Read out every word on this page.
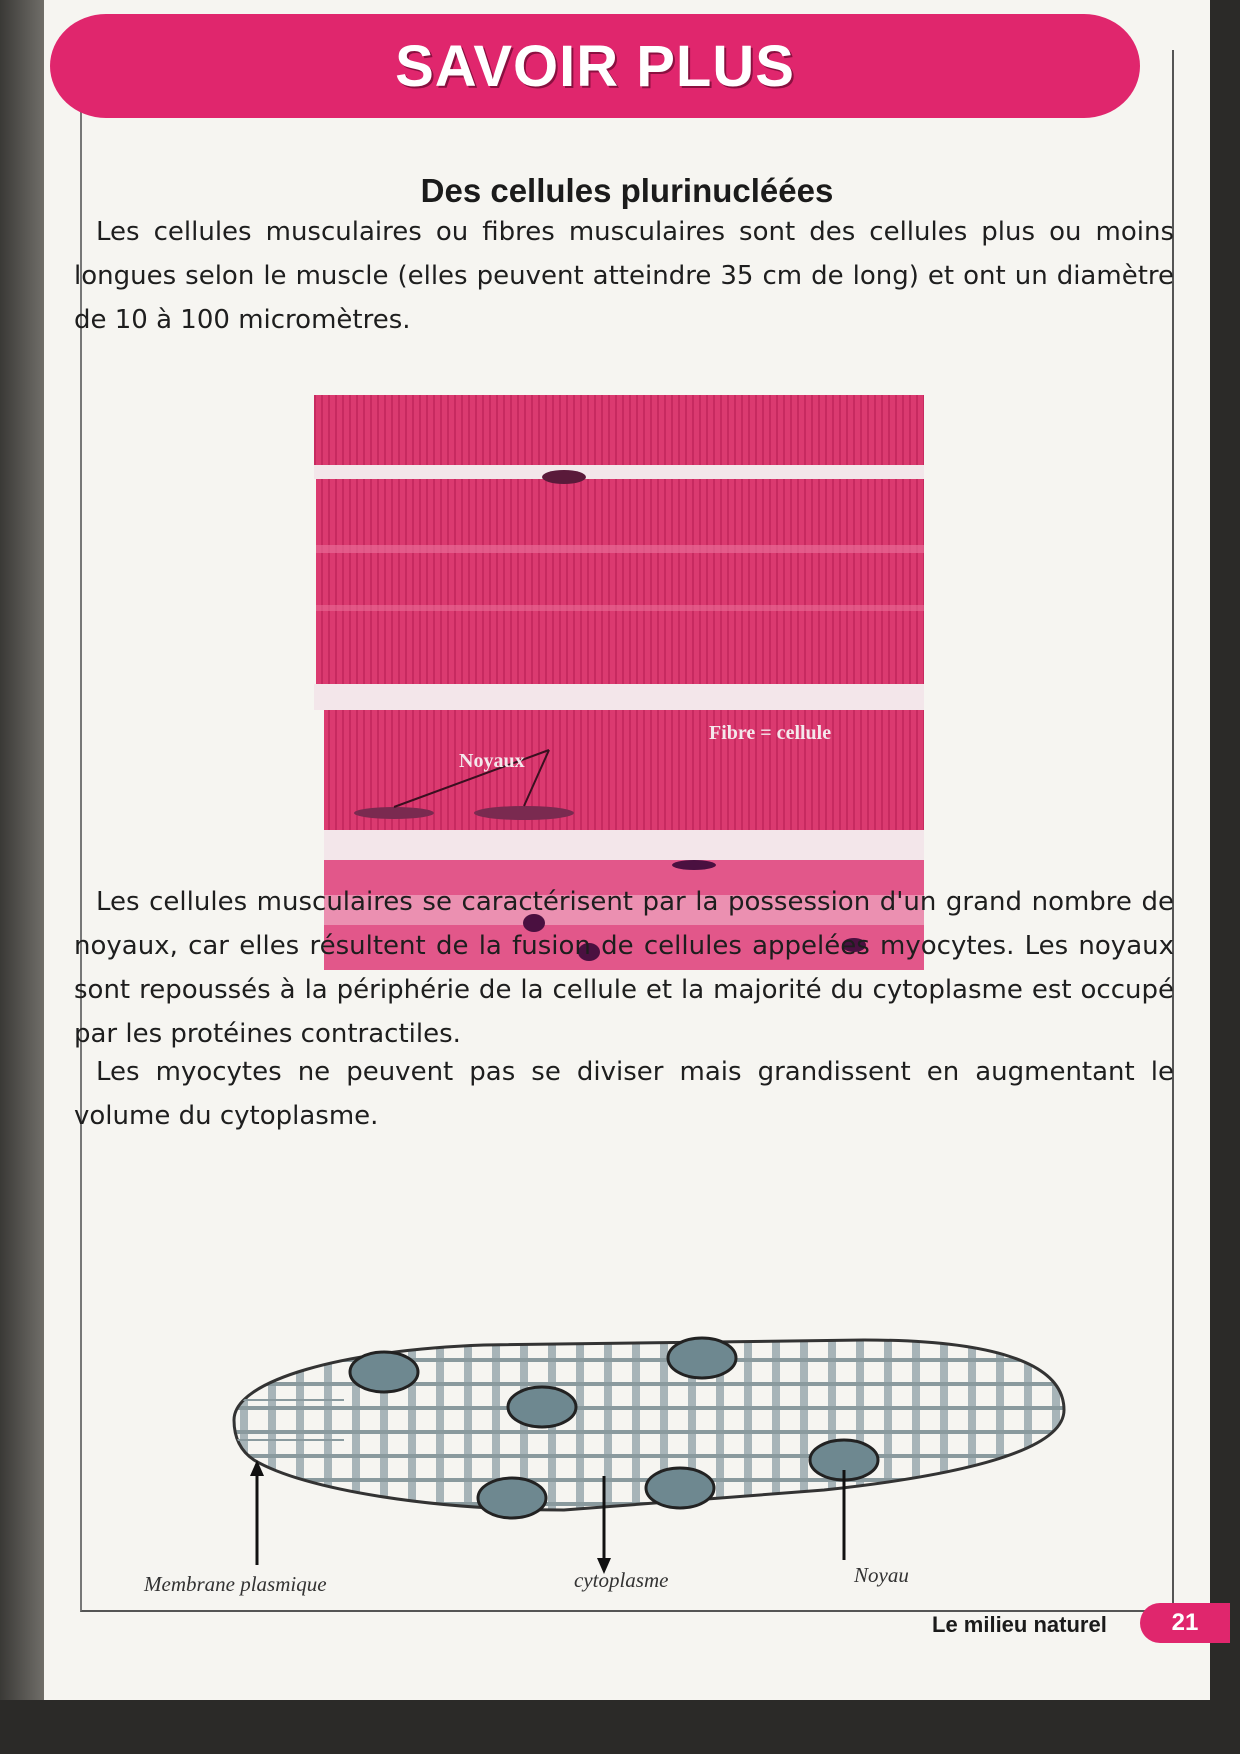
SAVOIR PLUS
Des cellules plurinucléées

Les cellules musculaires ou fibres musculaires sont des cellules plus ou moins longues selon le muscle (elles peuvent atteindre 35 cm de long) et ont un diamètre de 10 à 100 micromètres.

Noyaux
Fibre = cellule

Les cellules musculaires se caractérisent par la possession d'un grand nombre de noyaux, car elles résultent de la fusion de cellules appelées myocytes. Les noyaux sont repoussés à la périphérie de la cellule et la majorité du cytoplasme est occupé par les protéines contractiles.

Les myocytes ne peuvent pas se diviser mais grandissent en augmentant le volume du cytoplasme.

Membrane plasmique	cytoplasme	Noyau
Le milieu naturel	21
